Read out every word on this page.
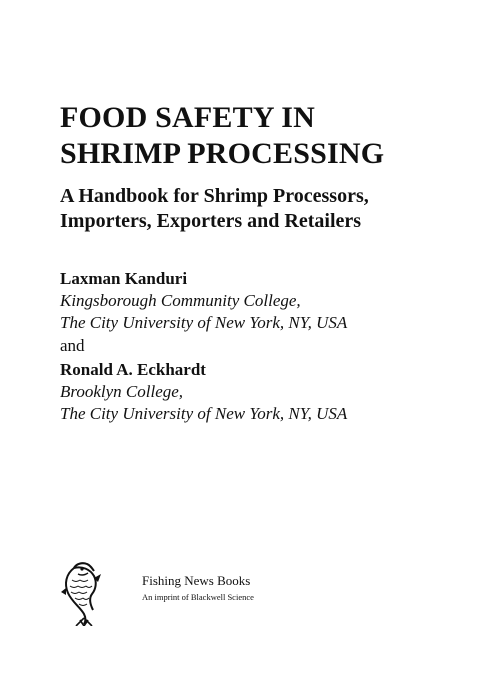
FOOD SAFETY IN
SHRIMP PROCESSING
A Handbook for Shrimp Processors,
Importers, Exporters and Retailers
Laxman Kanduri
Kingsborough Community College,
The City University of New York, NY, USA
and
Ronald A. Eckhardt
Brooklyn College,
The City University of New York, NY, USA
Fishing News Books
An imprint of Blackwell Science
